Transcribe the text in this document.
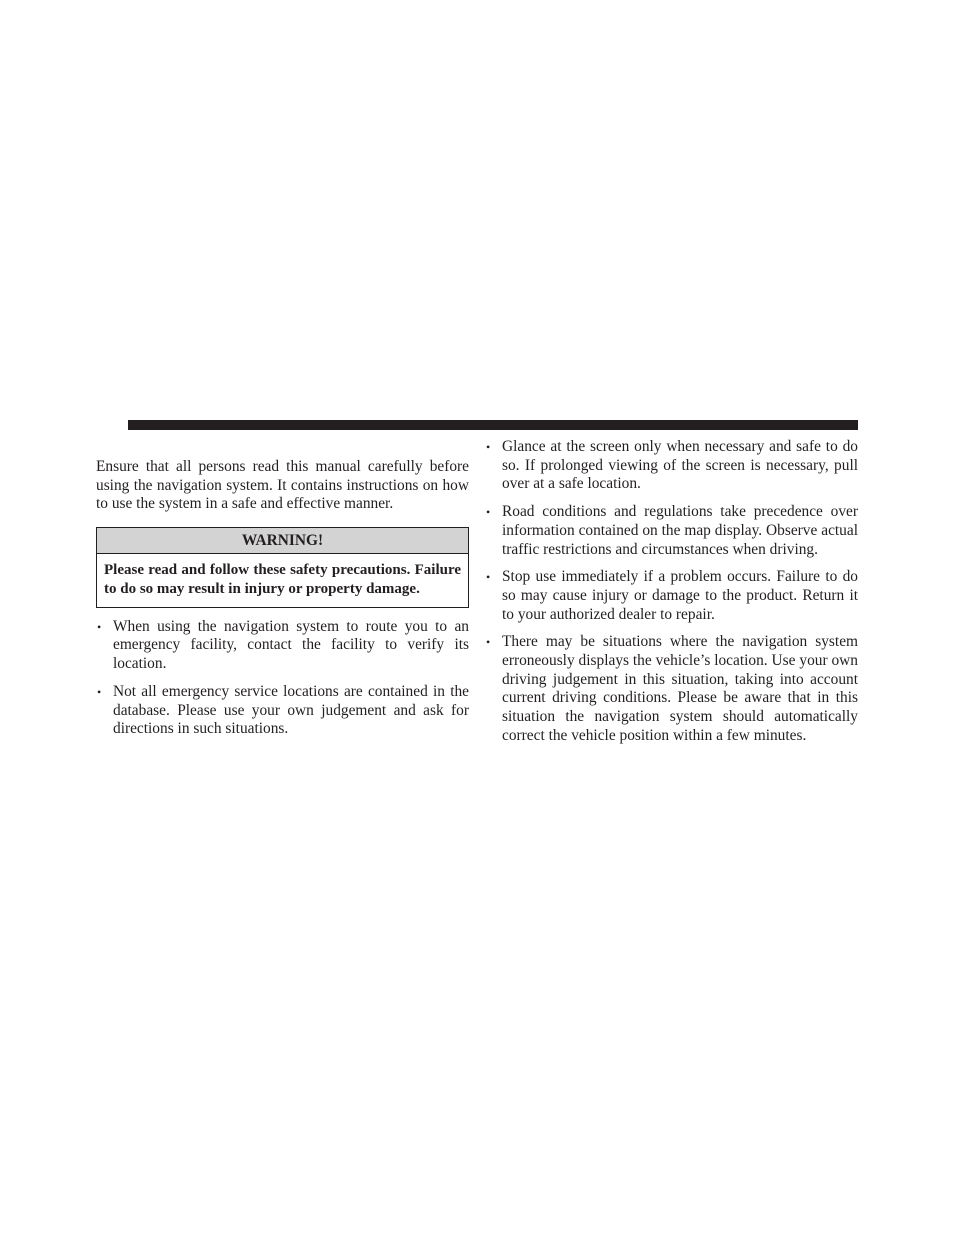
Ensure that all persons read this manual carefully before using the navigation system. It contains instructions on how to use the system in a safe and effective manner.

WARNING!
Please read and follow these safety precautions. Failure to do so may result in injury or property damage.
• When using the navigation system to route you to an emergency facility, contact the facility to verify its location.
• Not all emergency service locations are contained in the database. Please use your own judgement and ask for directions in such situations.
• Glance at the screen only when necessary and safe to do so. If prolonged viewing of the screen is necessary, pull over at a safe location.
• Road conditions and regulations take precedence over information contained on the map display. Observe actual traffic restrictions and circumstances when driving.
• Stop use immediately if a problem occurs. Failure to do so may cause injury or damage to the product. Return it to your authorized dealer to repair.
• There may be situations where the navigation system erroneously displays the vehicle’s location. Use your own driving judgement in this situation, taking into account current driving conditions. Please be aware that in this situation the navigation system should automatically correct the vehicle position within a few minutes.
